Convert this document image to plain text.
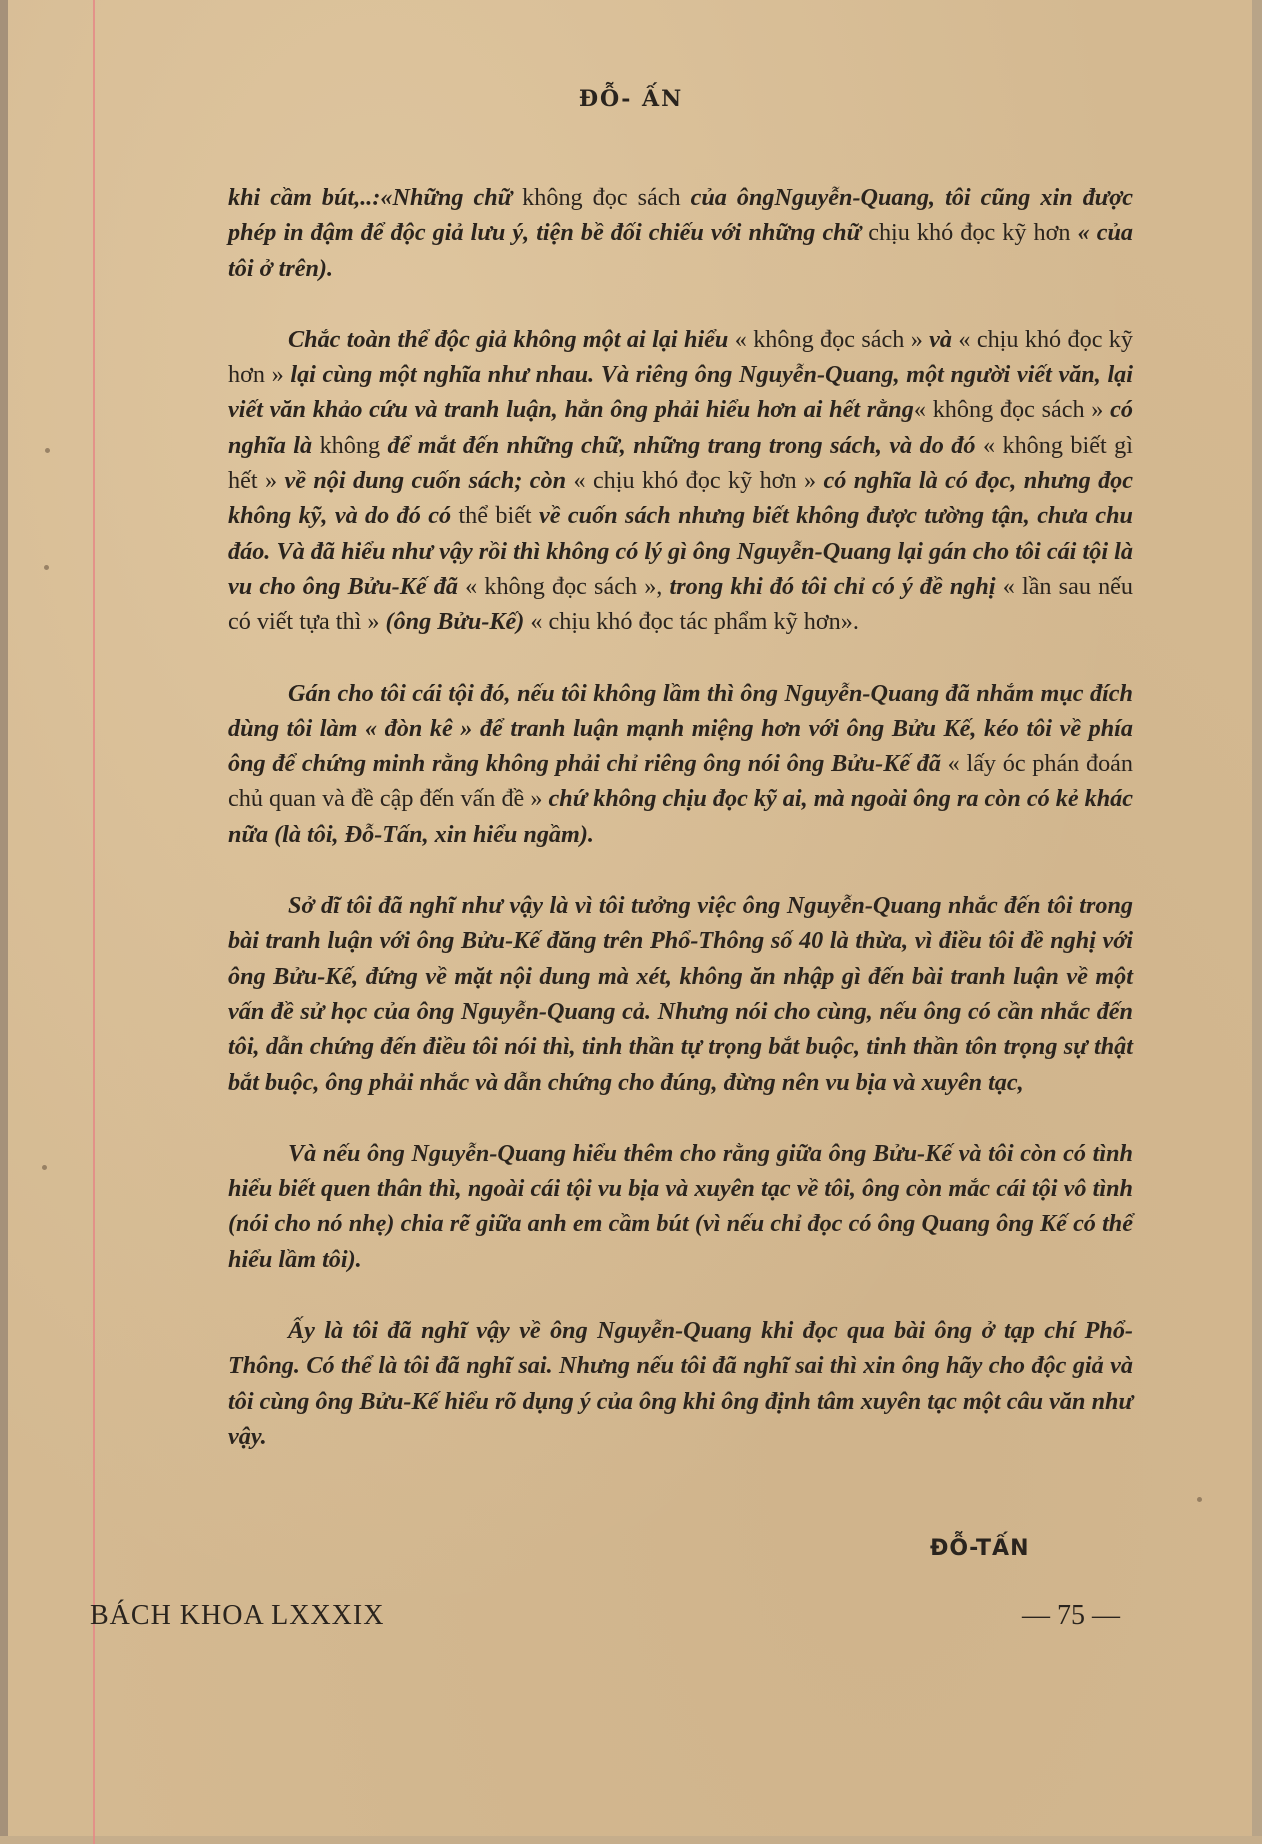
ĐỖ- ẤN

khi cầm bút,..:«Những chữ không đọc sách của ôngNguyễn-Quang, tôi cũng xin được phép in đậm để độc giả lưu ý, tiện bề đối chiếu với những chữ chịu khó đọc kỹ hơn « của tôi ở trên).

Chắc toàn thể độc giả không một ai lại hiểu « không đọc sách » và « chịu khó đọc kỹ hơn » lại cùng một nghĩa như nhau. Và riêng ông Nguyễn-Quang, một người viết văn, lại viết văn khảo cứu và tranh luận, hẳn ông phải hiểu hơn ai hết rằng« không đọc sách » có nghĩa là không để mắt đến những chữ, những trang trong sách, và do đó « không biết gì hết » về nội dung cuốn sách; còn « chịu khó đọc kỹ hơn » có nghĩa là có đọc, nhưng đọc không kỹ, và do đó có thể biết về cuốn sách nhưng biết không được tường tận, chưa chu đáo. Và đã hiểu như vậy rồi thì không có lý gì ông Nguyễn-Quang lại gán cho tôi cái tội là vu cho ông Bửu-Kế đã « không đọc sách », trong khi đó tôi chỉ có ý đề nghị « lần sau nếu có viết tựa thì » (ông Bửu-Kế) « chịu khó đọc tác phẩm kỹ hơn».

Gán cho tôi cái tội đó, nếu tôi không lầm thì ông Nguyễn-Quang đã nhắm mục đích dùng tôi làm « đòn kê » để tranh luận mạnh miệng hơn với ông Bửu Kế, kéo tôi về phía ông để chứng minh rằng không phải chỉ riêng ông nói ông Bửu-Kế đã « lấy óc phán đoán chủ quan và đề cập đến vấn đề » chứ không chịu đọc kỹ ai, mà ngoài ông ra còn có kẻ khác nữa (là tôi, Đỗ-Tấn, xin hiểu ngầm).

Sở dĩ tôi đã nghĩ như vậy là vì tôi tưởng việc ông Nguyễn-Quang nhắc đến tôi trong bài tranh luận với ông Bửu-Kế đăng trên Phổ-Thông số 40 là thừa, vì điều tôi đề nghị với ông Bửu-Kế, đứng về mặt nội dung mà xét, không ăn nhập gì đến bài tranh luận về một vấn đề sử học của ông Nguyễn-Quang cả. Nhưng nói cho cùng, nếu ông có cần nhắc đến tôi, dẫn chứng đến điều tôi nói thì, tinh thần tự trọng bắt buộc, tinh thần tôn trọng sự thật bắt buộc, ông phải nhắc và dẫn chứng cho đúng, đừng nên vu bịa và xuyên tạc,

Và nếu ông Nguyễn-Quang hiểu thêm cho rằng giữa ông Bửu-Kế và tôi còn có tình hiểu biết quen thân thì, ngoài cái tội vu bịa và xuyên tạc về tôi, ông còn mắc cái tội vô tình (nói cho nó nhẹ) chia rẽ giữa anh em cầm bút (vì nếu chỉ đọc có ông Quang ông Kế có thể hiểu lầm tôi).

Ấy là tôi đã nghĩ vậy về ông Nguyễn-Quang khi đọc qua bài ông ở tạp chí Phổ-Thông. Có thể là tôi đã nghĩ sai. Nhưng nếu tôi đã nghĩ sai thì xin ông hãy cho độc giả và tôi cùng ông Bửu-Kế hiểu rõ dụng ý của ông khi ông định tâm xuyên tạc một câu văn như vậy.

ĐỖ-TẤN
BÁCH KHOA LXXXIX	— 75 —
